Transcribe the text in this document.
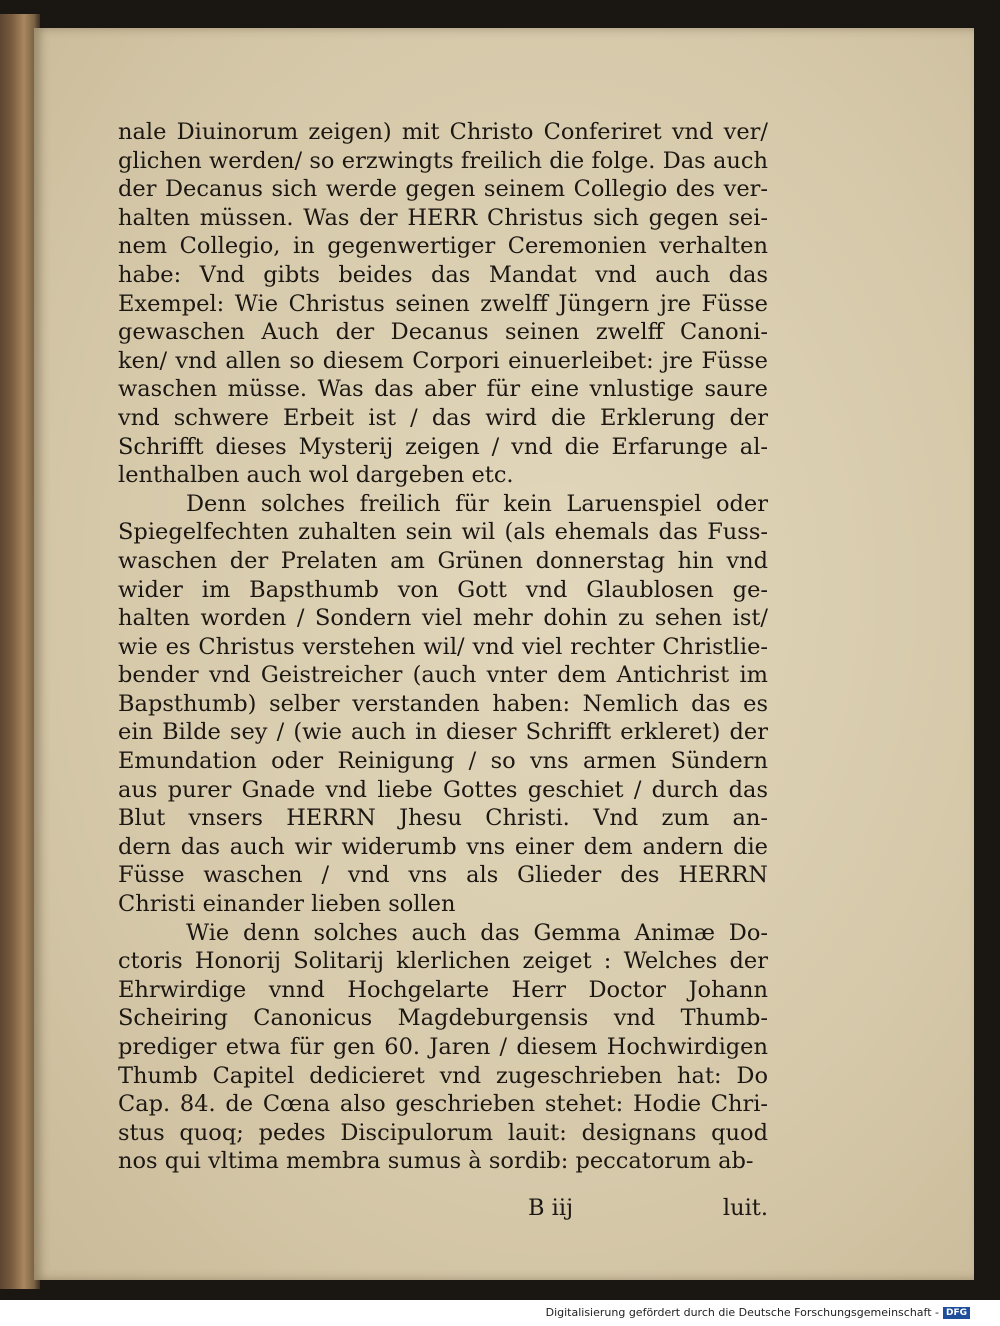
nale Diuinorum zeigen) mit Christo Conferiret vnd ver/
glichen werden/ so erzwingts freilich die folge. Das auch
der Decanus sich werde gegen seinem Collegio des ver-
halten müssen. Was der HERR Christus sich gegen sei-
nem Collegio, in gegenwertiger Ceremonien verhalten
habe: Vnd gibts beides das Mandat vnd auch das
Exempel: Wie Christus seinen zwelff Jüngern jre Füsse
gewaschen Auch der Decanus seinen zwelff Canoni-
ken/ vnd allen so diesem Corpori einuerleibet: jre Füsse
waschen müsse. Was das aber für eine vnlustige saure
vnd schwere Erbeit ist / das wird die Erklerung der
Schrifft dieses Mysterij zeigen / vnd die Erfarunge al-
lenthalben auch wol dargeben etc.
Denn solches freilich für kein Laruenspiel oder
Spiegelfechten zuhalten sein wil (als ehemals das Fuss-
waschen der Prelaten am Grünen donnerstag hin vnd
wider im Bapsthumb von Gott vnd Glaublosen ge-
halten worden / Sondern viel mehr dohin zu sehen ist/
wie es Christus verstehen wil/ vnd viel rechter Christlie-
bender vnd Geistreicher (auch vnter dem Antichrist im
Bapsthumb) selber verstanden haben: Nemlich das es
ein Bilde sey / (wie auch in dieser Schrifft erkleret) der
Emundation oder Reinigung / so vns armen Sündern
aus purer Gnade vnd liebe Gottes geschiet / durch das
Blut vnsers HERRN Jhesu Christi. Vnd zum an-
dern das auch wir widerumb vns einer dem andern die
Füsse waschen / vnd vns als Glieder des HERRN
Christi einander lieben sollen
Wie denn solches auch das Gemma Animæ Do-
ctoris Honorij Solitarij klerlichen zeiget : Welches der
Ehrwirdige vnnd Hochgelarte Herr Doctor Johann
Scheiring Canonicus Magdeburgensis vnd Thumb-
prediger etwa für gen 60. Jaren / diesem Hochwirdigen
Thumb Capitel dedicieret vnd zugeschrieben hat: Do
Cap. 84. de Cœna also geschrieben stehet: Hodie Chri-
stus quoq; pedes Discipulorum lauit: designans quod
nos qui vltima membra sumus à sordib: peccatorum ab-
B iij	luit.
Digitalisierung gefördert durch die Deutsche Forschungsgemeinschaft - DFG
